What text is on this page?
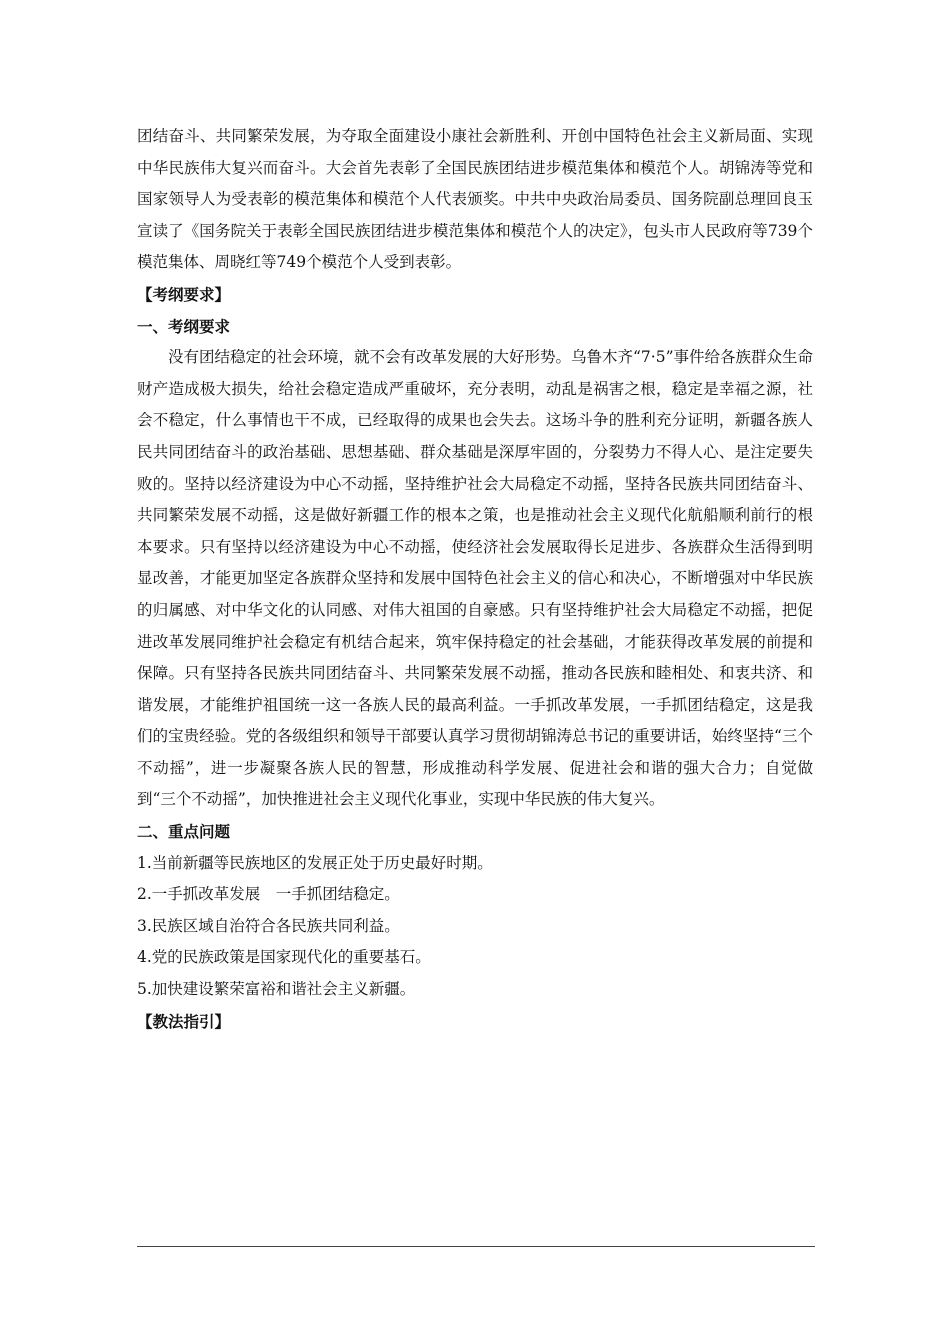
团结奋斗、共同繁荣发展，为夺取全面建设小康社会新胜利、开创中国特色社会主义新局面、实现中华民族伟大复兴而奋斗。大会首先表彰了全国民族团结进步模范集体和模范个人。胡锦涛等党和国家领导人为受表彰的模范集体和模范个人代表颁奖。中共中央政治局委员、国务院副总理回良玉宣读了《国务院关于表彰全国民族团结进步模范集体和模范个人的决定》，包头市人民政府等739个模范集体、周晓红等749个模范个人受到表彰。

【考纲要求】

一、考纲要求

没有团结稳定的社会环境，就不会有改革发展的大好形势。乌鲁木齐“7·5”事件给各族群众生命财产造成极大损失，给社会稳定造成严重破坏，充分表明，动乱是祸害之根，稳定是幸福之源，社会不稳定，什么事情也干不成，已经取得的成果也会失去。这场斗争的胜利充分证明，新疆各族人民共同团结奋斗的政治基础、思想基础、群众基础是深厚牢固的，分裂势力不得人心、是注定要失败的。坚持以经济建设为中心不动摇，坚持维护社会大局稳定不动摇，坚持各民族共同团结奋斗、共同繁荣发展不动摇，这是做好新疆工作的根本之策，也是推动社会主义现代化航船顺利前行的根本要求。只有坚持以经济建设为中心不动摇，使经济社会发展取得长足进步、各族群众生活得到明显改善，才能更加坚定各族群众坚持和发展中国特色社会主义的信心和决心，不断增强对中华民族的归属感、对中华文化的认同感、对伟大祖国的自豪感。只有坚持维护社会大局稳定不动摇，把促进改革发展同维护社会稳定有机结合起来，筑牢保持稳定的社会基础，才能获得改革发展的前提和保障。只有坚持各民族共同团结奋斗、共同繁荣发展不动摇，推动各民族和睦相处、和衷共济、和谐发展，才能维护祖国统一这一各族人民的最高利益。一手抓改革发展，一手抓团结稳定，这是我们的宝贵经验。党的各级组织和领导干部要认真学习贯彻胡锦涛总书记的重要讲话，始终坚持“三个不动摇”，进一步凝聚各族人民的智慧，形成推动科学发展、促进社会和谐的强大合力；自觉做到“三个不动摇”，加快推进社会主义现代化事业，实现中华民族的伟大复兴。

二、重点问题

1.当前新疆等民族地区的发展正处于历史最好时期。

2.一手抓改革发展　一手抓团结稳定。

3.民族区域自治符合各民族共同利益。

4.党的民族政策是国家现代化的重要基石。

5.加快建设繁荣富裕和谐社会主义新疆。

【教法指引】
